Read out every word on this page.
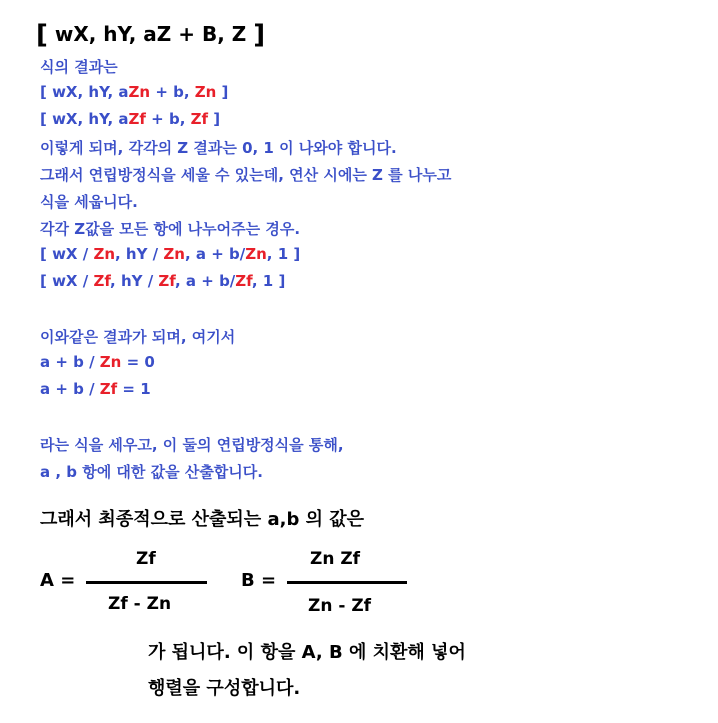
[ wX, hY, aZ + B, Z ]
식의 결과는
[ wX, hY, aZn + b, Zn ]
[ wX, hY, aZf + b, Zf ]
이렇게 되며, 각각의 Z 결과는 0, 1 이 나와야 합니다.
그래서 연립방정식을 세울 수 있는데, 연산 시에는 Z 를 나누고
식을 세웁니다.
각각 Z값을 모든 항에 나누어주는 경우.
[ wX / Zn, hY / Zn, a + b/Zn, 1 ]
[ wX / Zf, hY / Zf, a + b/Zf, 1 ]
이와같은 결과가 되며, 여기서
a + b / Zn = 0
a + b / Zf = 1
라는 식을 세우고, 이 둘의 연립방정식을 통해,
a , b 항에 대한 값을 산출합니다.
그래서 최종적으로 산출되는 a,b 의 값은
A =
Zf
Zf - Zn
B =
Zn Zf
Zn - Zf
가 됩니다. 이 항을 A, B 에 치환해 넣어
행렬을 구성합니다.
